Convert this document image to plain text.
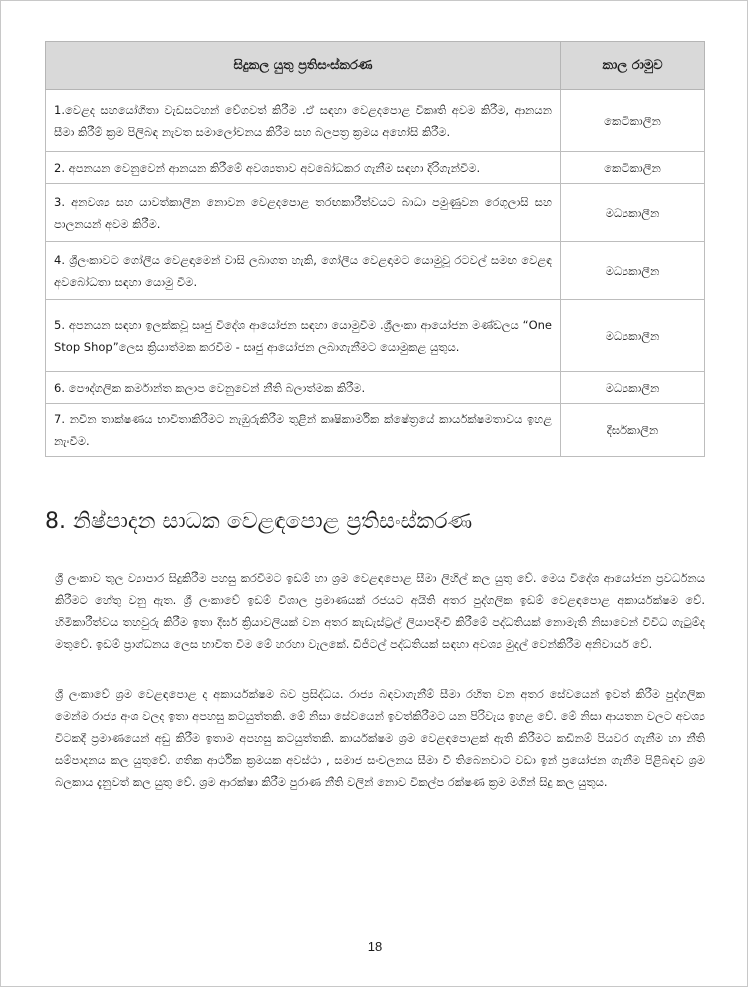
සිදුකල යුතු ප්‍රතිසංස්කරණ	කාල රාමුව
1.වෙළද සහයෝගිතා වැඩසටහන් වේගවත් කිරීම .ඒ සඳහා වෙළදපොළ විකෘති අවම කිරීම, ආනයන සීමා කිරීම් ක්‍රම පිලිබඳ නැවත සමාලෝචනය කිරීම සහ බලපත්‍ර ක්‍රමය අහෝසි කිරීම.	කෙටිකාලීන
2. අපනයන වෙනුවෙන් ආනයන කිරීමේ අවශ්‍යතාව අවබෝධකර ගැනීම සඳහා දිරිගැන්වීම.	කෙටිකාලීන
3. අනවශ්‍ය සහ යාවත්කාලීන නොවන වෙළදපොළ තරඟකාරීත්වයට බාධා පමුණුවන රෙගුලාසි සහ පාලනයන් අවම කිරීම.	මධ්‍යකාලීන
4. ශ්‍රීලංකාවට ගෝලීය වෙළඳාමෙන් වාසි ලබාගත හැකි, ගෝලීය වෙළඳාමට යොමුවූ රටවල් සමඟ වෙළඳ අවබෝධතා සඳහා යොමු වීම.	මධ්‍යකාලීන
5. අපනයන සඳහා ඉලක්කවූ සෘජු විදේශ ආයෝජන සඳහා යොමුවීම .ශ්‍රීලංකා ආයෝජන මණ්ඩලය “One Stop Shop”ලෙස ක්‍රියාත්මක කරවීම - සෘජු ආයෝජන ලබාගැනීමට යොමුකළ යුතුය.	මධ්‍යකාලීන
6. පෞද්ගලික කර්මාන්ත කලාප වෙනුවෙන් නීති බලාත්මක කිරීම.	මධ්‍යකාලීන
7. නවීන තාක්ෂණය භාවිතාකිරීමට නැඹුරුකිරීම තුළින් කෘෂිකාර්මික ක්ෂේත්‍රයේ කාර්යක්ෂමතාවය ඉහළ නැංවීම.	දීර්ඝකාලීන
8. නිෂ්පාදන සාධක වෙළඳපොළ ප්‍රතිසංස්කරණ

ශ්‍රී ලංකාව තුල ව්‍යාපාර සිදුකිරීම පහසු කරවීමට ඉඩම් හා ශ්‍රම වෙළඳපොළ සීමා ලිහිල් කල යුතු වේ. මෙය විදේශ ආයෝජන ප්‍රවර්ධනය කිරීමට හේතු වනු ඇත. ශ්‍රී ලංකාවේ ඉඩම් විශාල ප්‍රමාණයක් රජයට අයිති අතර පුද්ගලික ඉඩම් වෙළඳපොළ අකාර්යක්ෂම වේ. හිමිකාරීත්වය තහවුරු කිරීම ඉතා දීර්ඝ ක්‍රියාවලියක් වන අතර කැඩැස්ට්‍රල් ලියාපදිංචි කිරීමේ පද්ධතියක් නොමැති නිසාවෙන් විවිධ ගැටුම්ද මතුවේ. ඉඩම් ප්‍රාග්ධනය ලෙස භාවිත වීම මේ හරහා වැලකේ. ඩිජිටල් පද්ධතියක් සඳහා අවශ්‍ය මුදල් වෙන්කිරීම අනිවාර්ය වේ.

ශ්‍රී ලංකාවේ ශ්‍රම වෙළඳපොළ ද අකාර්යක්ෂම බව ප්‍රසිද්ධය. රාජ්‍ය බඳවාගැනීම් සීමා රහිත වන අතර සේවයෙන් ඉවත් කිරීම පුද්ගලික මෙන්ම රාජ්‍ය අංශ වලද ඉතා අපහසු කටයුත්තකි. මේ නිසා සේවයෙන් ඉවත්කිරීමට යන පිරිවැය ඉහළ වේ. මේ නිසා ආයතන වලට අවශ්‍ය විටකදී ප්‍රමාණයෙන් අඩු කිරීම ඉතාම අපහසු කටයුත්තකි. කාර්යක්ෂම ශ්‍රම වෙළඳපොළක් ඇති කිරීමට කඩිනම් පියවර ගැනීම හා නීති සම්පාදනය කල යුතුවේ. ගතික ආර්ථික ක්‍රමයක අවස්ථා , සමාජ සංචලනය සීමා වී තිබෙනවාට වඩා ඉන් ප්‍රයෝජන ගැනීම පිළිබඳව ශ්‍රම බලකාය දැනුවත් කල යුතු වේ. ශ්‍රම ආරක්ෂා කිරීම පුරාණ නීති වලින් නොව විකල්ප රක්ෂණ ක්‍රම මගින් සිදු කල යුතුය.

18
